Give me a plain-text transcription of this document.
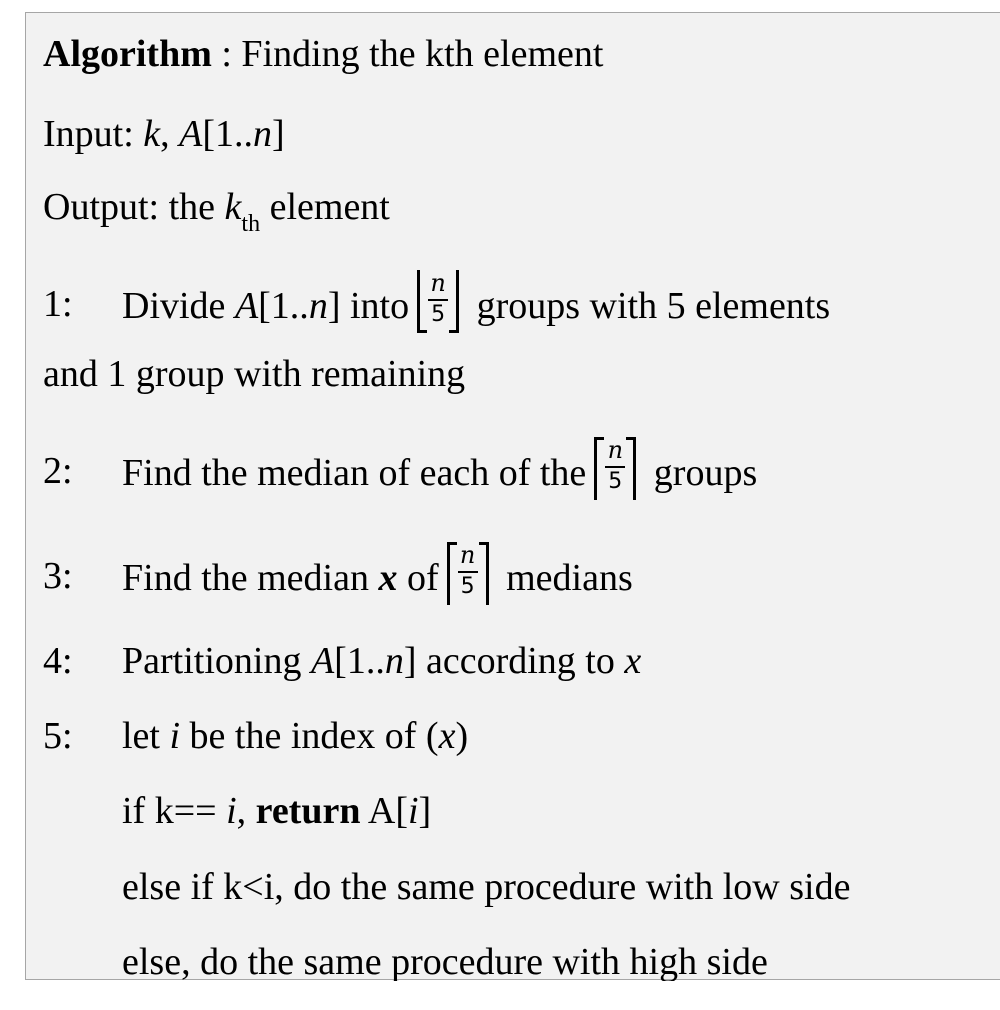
Algorithm : Finding the kth element
Input: k, A[1..n]
Output: the $k_{th}$ element
1: Divide A[1..n] into $\frac{n}{5}$ groups with 5 elements
and 1 group with remaining
2: Find the median of each of the $\frac{n}{5}$ groups
3: Find the median x of $\frac{n}{5}$ medians
4: Partitioning A[1..n] according to x
5: let i be the index of (x)
if k== i, return A[i]
else if k<i, do the same procedure with low side
else, do the same procedure with high side
